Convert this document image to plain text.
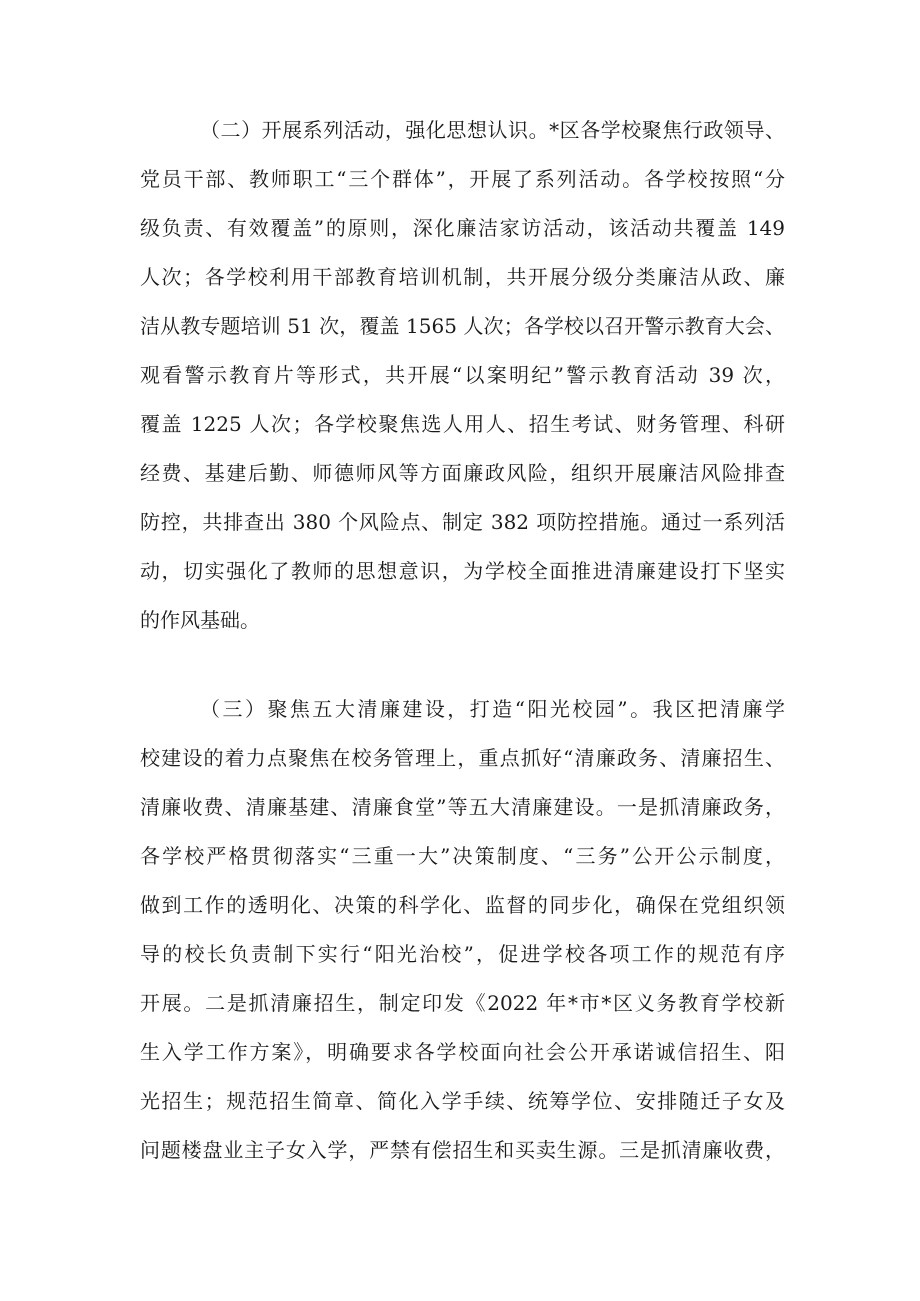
（二）开展系列活动，强化思想认识。*区各学校聚焦行政领导、
党员干部、教师职工“三个群体”，开展了系列活动。各学校按照“分
级负责、有效覆盖”的原则，深化廉洁家访活动，该活动共覆盖 149
人次；各学校利用干部教育培训机制，共开展分级分类廉洁从政、廉
洁从教专题培训 51 次，覆盖 1565 人次；各学校以召开警示教育大会、
观看警示教育片等形式，共开展“以案明纪”警示教育活动 39 次，
覆盖 1225 人次；各学校聚焦选人用人、招生考试、财务管理、科研
经费、基建后勤、师德师风等方面廉政风险，组织开展廉洁风险排查
防控，共排查出 380 个风险点、制定 382 项防控措施。通过一系列活
动，切实强化了教师的思想意识，为学校全面推进清廉建设打下坚实
的作风基础。
（三）聚焦五大清廉建设，打造“阳光校园”。我区把清廉学
校建设的着力点聚焦在校务管理上，重点抓好“清廉政务、清廉招生、
清廉收费、清廉基建、清廉食堂”等五大清廉建设。一是抓清廉政务，
各学校严格贯彻落实“三重一大”决策制度、“三务”公开公示制度，
做到工作的透明化、决策的科学化、监督的同步化，确保在党组织领
导的校长负责制下实行“阳光治校”，促进学校各项工作的规范有序
开展。二是抓清廉招生，制定印发《2022 年*市*区义务教育学校新
生入学工作方案》，明确要求各学校面向社会公开承诺诚信招生、阳
光招生；规范招生简章、简化入学手续、统筹学位、安排随迁子女及
问题楼盘业主子女入学，严禁有偿招生和买卖生源。三是抓清廉收费，
